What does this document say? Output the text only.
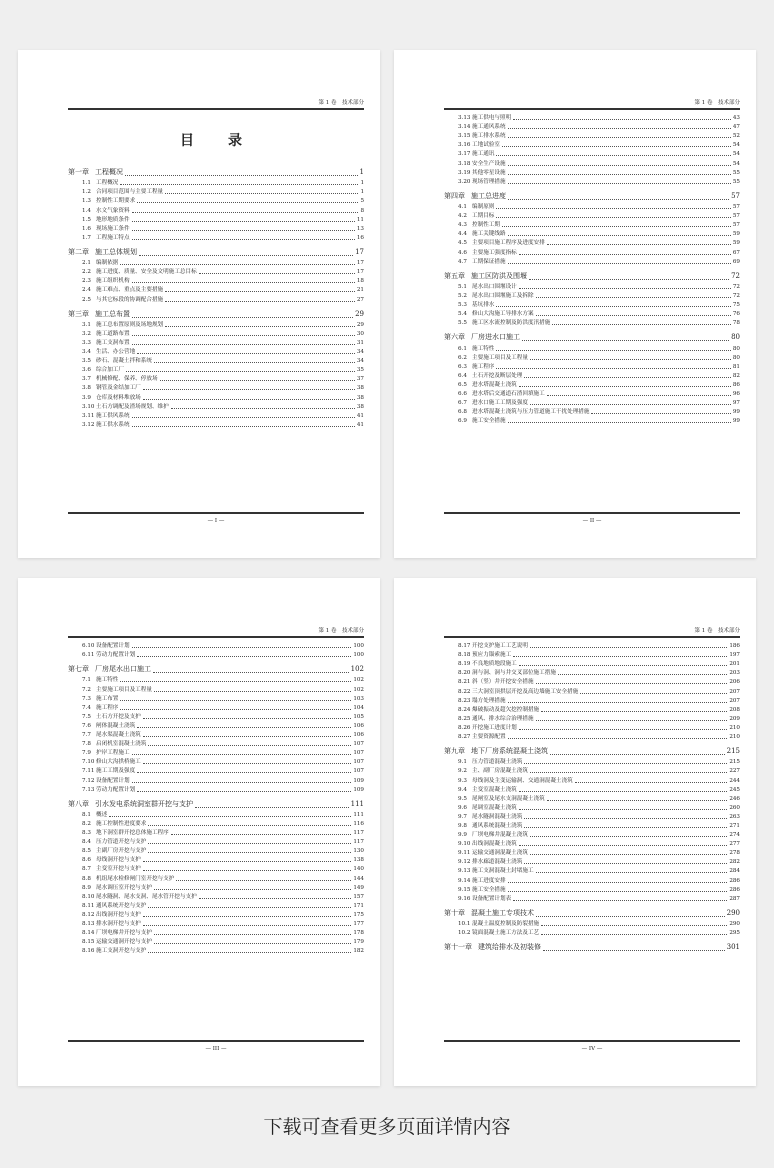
第 1 卷　技术部分
目　录
第一章 工程概况	1
1.1 工程概况	1
1.2 合同项目范围与主要工程量	1
1.3 控制性工期要求	5
1.4 水文气象资料	8
1.5 地形地质条件	11
1.6 现场施工条件	13
1.7 工程施工特点	16
第二章 施工总体规划	17
2.1 编制依据	17
2.2 施工进度、质量、安全及文明施工总目标	17
2.3 施工组织机构	18
2.4 施工难点、重点及主要措施	21
2.5 与其它标段的协调配合措施	27
第三章 施工总布置	29
3.1 施工总布置原则及场地规划	29
3.2 施工道路布置	30
3.3 施工支洞布置	31
3.4 生活、办公营地	34
3.5 砂石、混凝土拌和系统	34
3.6 综合加工厂	35
3.7 机械修配、保养、停放场	37
3.8 钢管及金结加工厂	38
3.9 仓库及材料堆放场	38
3.10 土石方调配及渣场规划、维护	38
3.11 施工供风系统	41
3.12 施工供水系统	41
— I —
第 1 卷　技术部分
3.13 施工供电与照明	43
3.14 施工通风系统	47
3.15 施工排水系统	52
3.16 工地试验室	54
3.17 施工通讯	54
3.18 安全生产设施	54
3.19 其他零星设施	55
3.20 现场管理措施	55
第四章 施工总进度	57
4.1 编制原则	57
4.2 工期目标	57
4.3 控制性工期	57
4.4 施工关键线路	59
4.5 主要项目施工程序及进度安排	59
4.6 主要施工强度指标	67
4.7 工期保证措施	69
第五章 施工区防洪及围堰	72
5.1 尾水出口围堰设计	72
5.2 尾水出口围堰施工及拆除	72
5.3 基坑排水	75
5.4 修山大沟施工导排水方案	76
5.5 施工区水流控制及防洪度汛措施	78
第六章 厂房进水口施工	80
6.1 施工特性	80
6.2 主要施工项目及工程量	80
6.3 施工程序	81
6.4 土石开挖及断层处理	82
6.5 进水塔混凝土浇筑	86
6.6 进水塔后交通道石渣回填施工	96
6.7 进水口施工工期及强度	97
6.8 进水塔混凝土浇筑与压力管道施工干扰处理措施	99
6.9 施工安全措施	99
— II —
第 1 卷　技术部分
6.10 设备配置计划	100
6.11 劳动力配置计划	100
第七章 厂房尾水出口施工	102
7.1 施工特性	102
7.2 主要施工项目及工程量	102
7.3 施工布置	103
7.4 施工程序	104
7.5 土石方开挖及支护	105
7.6 闸体混凝土浇筑	106
7.7 尾水渠混凝土浇筑	106
7.8 启闭机室混凝土浇筑	107
7.9 护岸工程施工	107
7.10 修山大沟拱桥施工	107
7.11 施工工期及强度	107
7.12 设备配置计划	109
7.13 劳动力配置计划	109
第八章 引水发电系统洞室群开挖与支护	111
8.1 概述	111
8.2 施工控制性进度要求	116
8.3 地下洞室群开挖总体施工程序	117
8.4 压力管道开挖与支护	117
8.5 主副厂房开挖与支护	130
8.6 母线洞开挖与支护	138
8.7 主变室开挖与支护	140
8.8 机组尾水检修闸门室开挖与支护	144
8.9 尾水调压室开挖与支护	149
8.10 尾水隧洞、尾水支洞、尾水管开挖与支护	157
8.11 通风系统开挖与支护	171
8.12 出线洞开挖与支护	175
8.13 排水洞开挖与支护	177
8.14 厂坝电梯井开挖与支护	178
8.15 运输交通洞开挖与支护	179
8.16 施工支洞开挖与支护	182
— III —
第 1 卷　技术部分
8.17 开挖支护施工工艺说明	186
8.18 预应力锚索施工	197
8.19 不良地质地段施工	201
8.20 洞与洞、洞与井交叉部位施工措施	203
8.21 斜（竖）井开挖安全措施	206
8.22 三大洞室顶拱层开挖及高边墙施工安全措施	207
8.23 塌方处理措施	207
8.24 爆破振动及超欠挖控制措施	208
8.25 通风、排水综合治理措施	209
8.26 开挖施工进度计划	210
8.27 主要资源配置	210
第九章 地下厂房系统混凝土浇筑	215
9.1 压力管道混凝土浇筑	215
9.2 主、副厂房混凝土浇筑	227
9.3 母线洞及主变运输洞、交通洞混凝土浇筑	244
9.4 主变室混凝土浇筑	245
9.5 尾闸室及尾水支洞混凝土浇筑	246
9.6 尾调室混凝土浇筑	260
9.7 尾水隧洞混凝土浇筑	263
9.8 通风系统混凝土浇筑	271
9.9 厂坝电梯井混凝土浇筑	274
9.10 出线洞混凝土浇筑	277
9.11 运输交通洞混凝土浇筑	278
9.12 排水廊道混凝土浇筑	282
9.13 施工支洞混凝土封堵施工	284
9.14 施工进度安排	286
9.15 施工安全措施	286
9.16 设备配置计划表	287
第十章 混凝土施工专项技术	290
10.1 混凝土温度控制及防裂措施	290
10.2 镜面混凝土施工方法及工艺	295
第十一章 建筑给排水及初装修	301
— IV —
下载可查看更多页面详情内容
